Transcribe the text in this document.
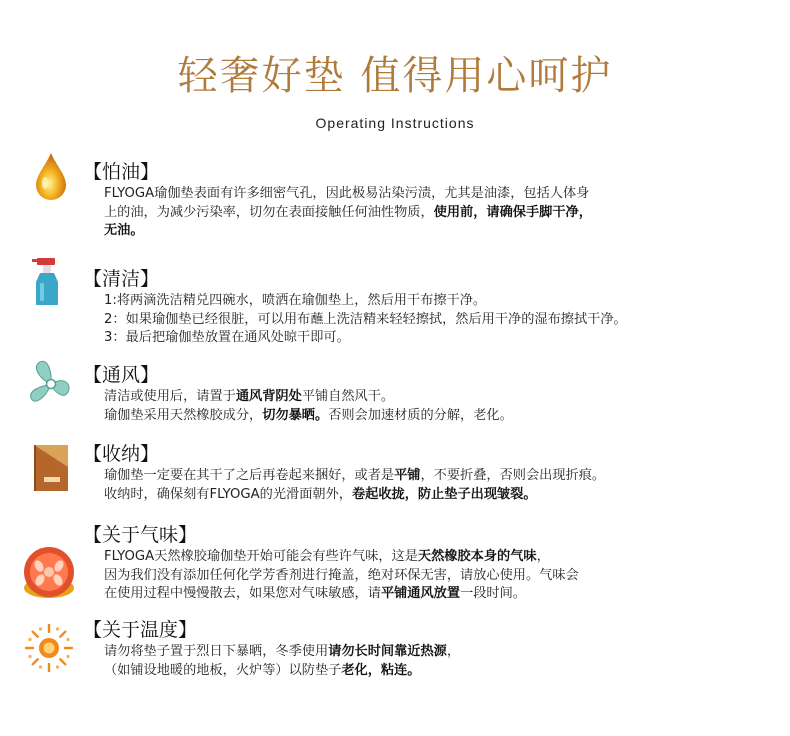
轻奢好垫 值得用心呵护
Operating Instructions
【怕油】
FLYOGA瑜伽垫表面有许多细密气孔，因此极易沾染污渍，尤其是油漆，包括人体身
上的油，为减少污染率，切勿在表面接触任何油性物质，使用前，请确保手脚干净，
无油。
【清洁】
1:将两滴洗洁精兑四碗水，喷洒在瑜伽垫上，然后用干布擦干净。
2：如果瑜伽垫已经很脏，可以用布蘸上洗洁精来轻轻擦拭，然后用干净的湿布擦拭干净。
3：最后把瑜伽垫放置在通风处晾干即可。
【通风】
清洁或使用后，请置于通风背阴处平铺自然风干。
瑜伽垫采用天然橡胶成分，切勿暴晒。否则会加速材质的分解，老化。
【收纳】
瑜伽垫一定要在其干了之后再卷起来捆好，或者是平铺，不要折叠，否则会出现折痕。
收纳时，确保刻有FLYOGA的光滑面朝外，卷起收拢，防止垫子出现皱裂。
【关于气味】
FLYOGA天然橡胶瑜伽垫开始可能会有些许气味，这是天然橡胶本身的气味，
因为我们没有添加任何化学芳香剂进行掩盖，绝对环保无害，请放心使用。气味会
在使用过程中慢慢散去，如果您对气味敏感，请平铺通风放置一段时间。
【关于温度】
请勿将垫子置于烈日下暴晒，冬季使用请勿长时间靠近热源，
（如铺设地暖的地板，火炉等）以防垫子老化，粘连。
